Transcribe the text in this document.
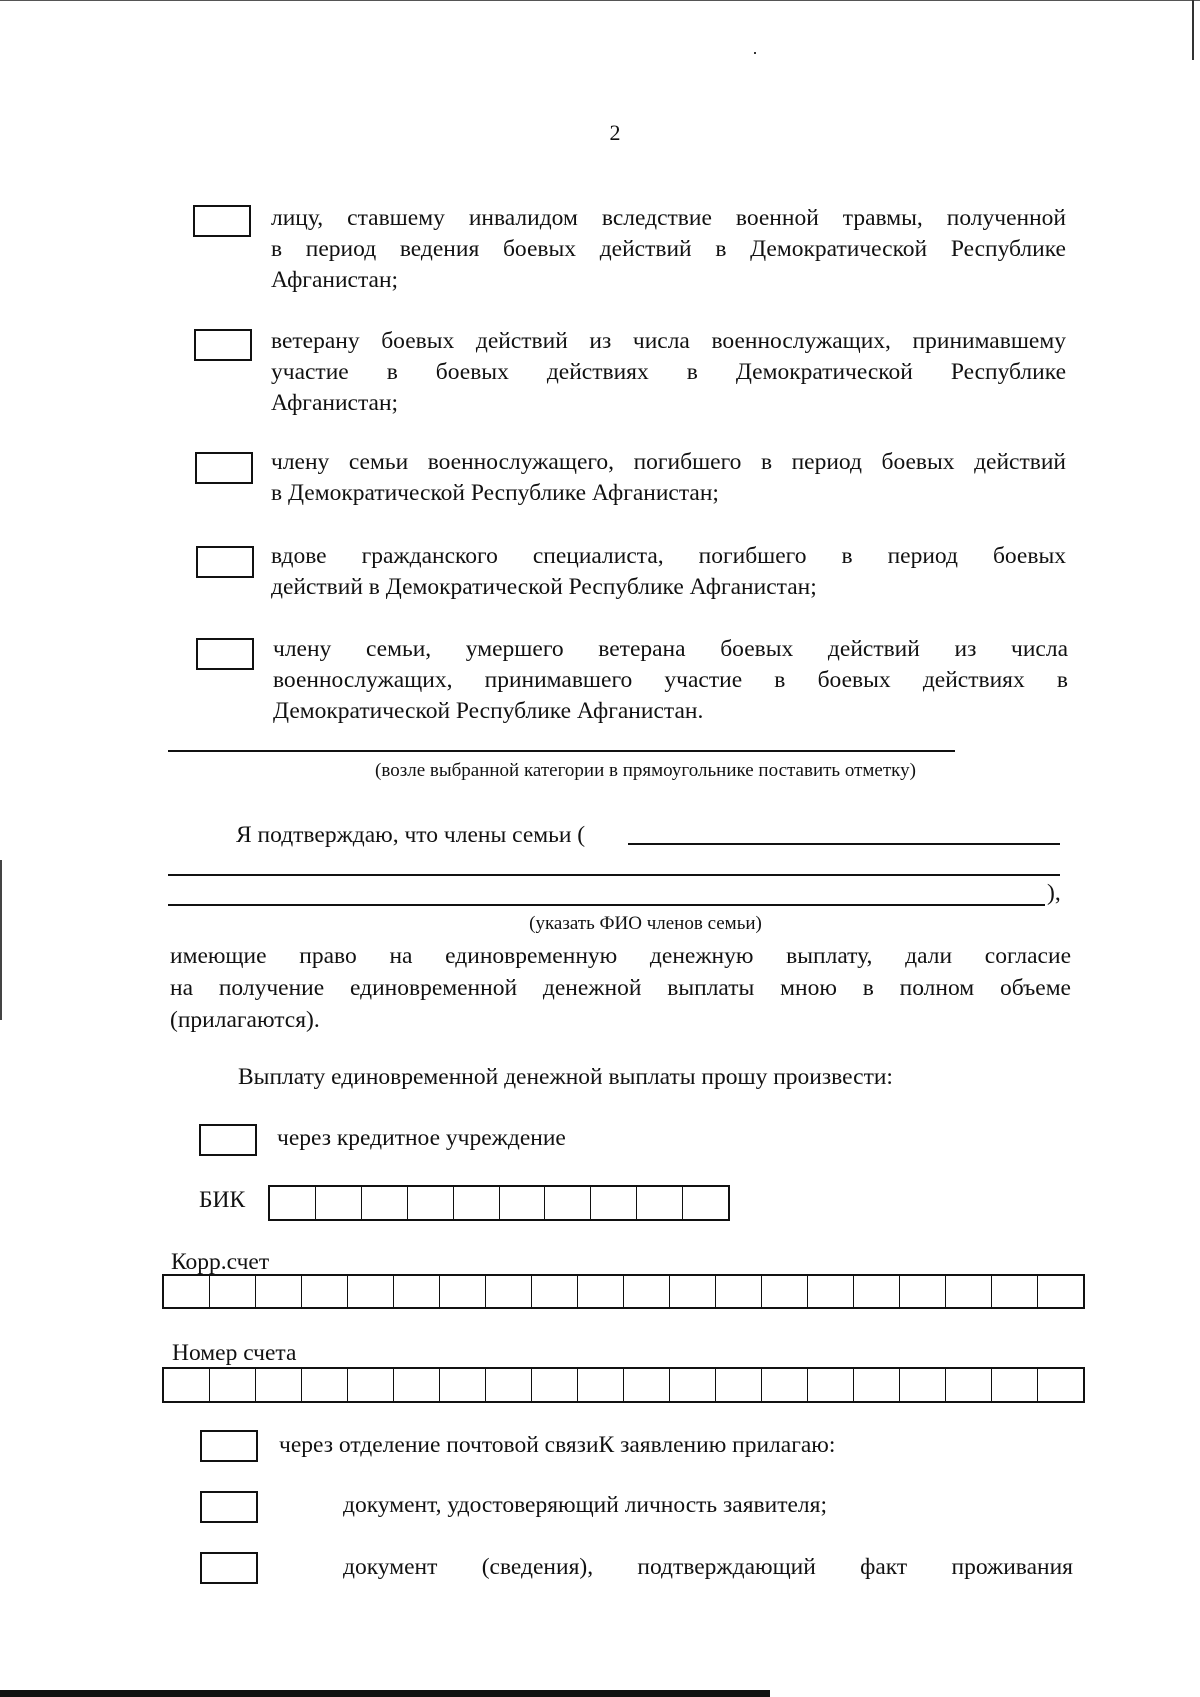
2
лицу, ставшему инвалидом вследствие военной травмы, полученной
в период ведения боевых действий в Демократической Республике
Афганистан;
ветерану боевых действий из числа военнослужащих, принимавшему
участие в боевых действиях в Демократической Республике
Афганистан;
члену семьи военнослужащего, погибшего в период боевых действий
в Демократической Республике Афганистан;
вдове гражданского специалиста, погибшего в период боевых
действий в Демократической Республике Афганистан;
члену семьи, умершего ветерана боевых действий из числа
военнослужащих, принимавшего участие в боевых действиях в
Демократической Республике Афганистан.
(возле выбранной категории в прямоугольнике поставить отметку)
Я подтверждаю, что члены семьи (
),
(указать ФИО членов семьи)
имеющие право на единовременную денежную выплату, дали согласие
на получение единовременной денежной выплаты мною в полном объеме
(прилагаются).
Выплату единовременной денежной выплаты прошу произвести:
через кредитное учреждение
БИК
Корр.счет
Номер счета
через отделение почтовой связиК заявлению прилагаю:
документ, удостоверяющий личность заявителя;
документ (сведения), подтверждающий факт проживания
